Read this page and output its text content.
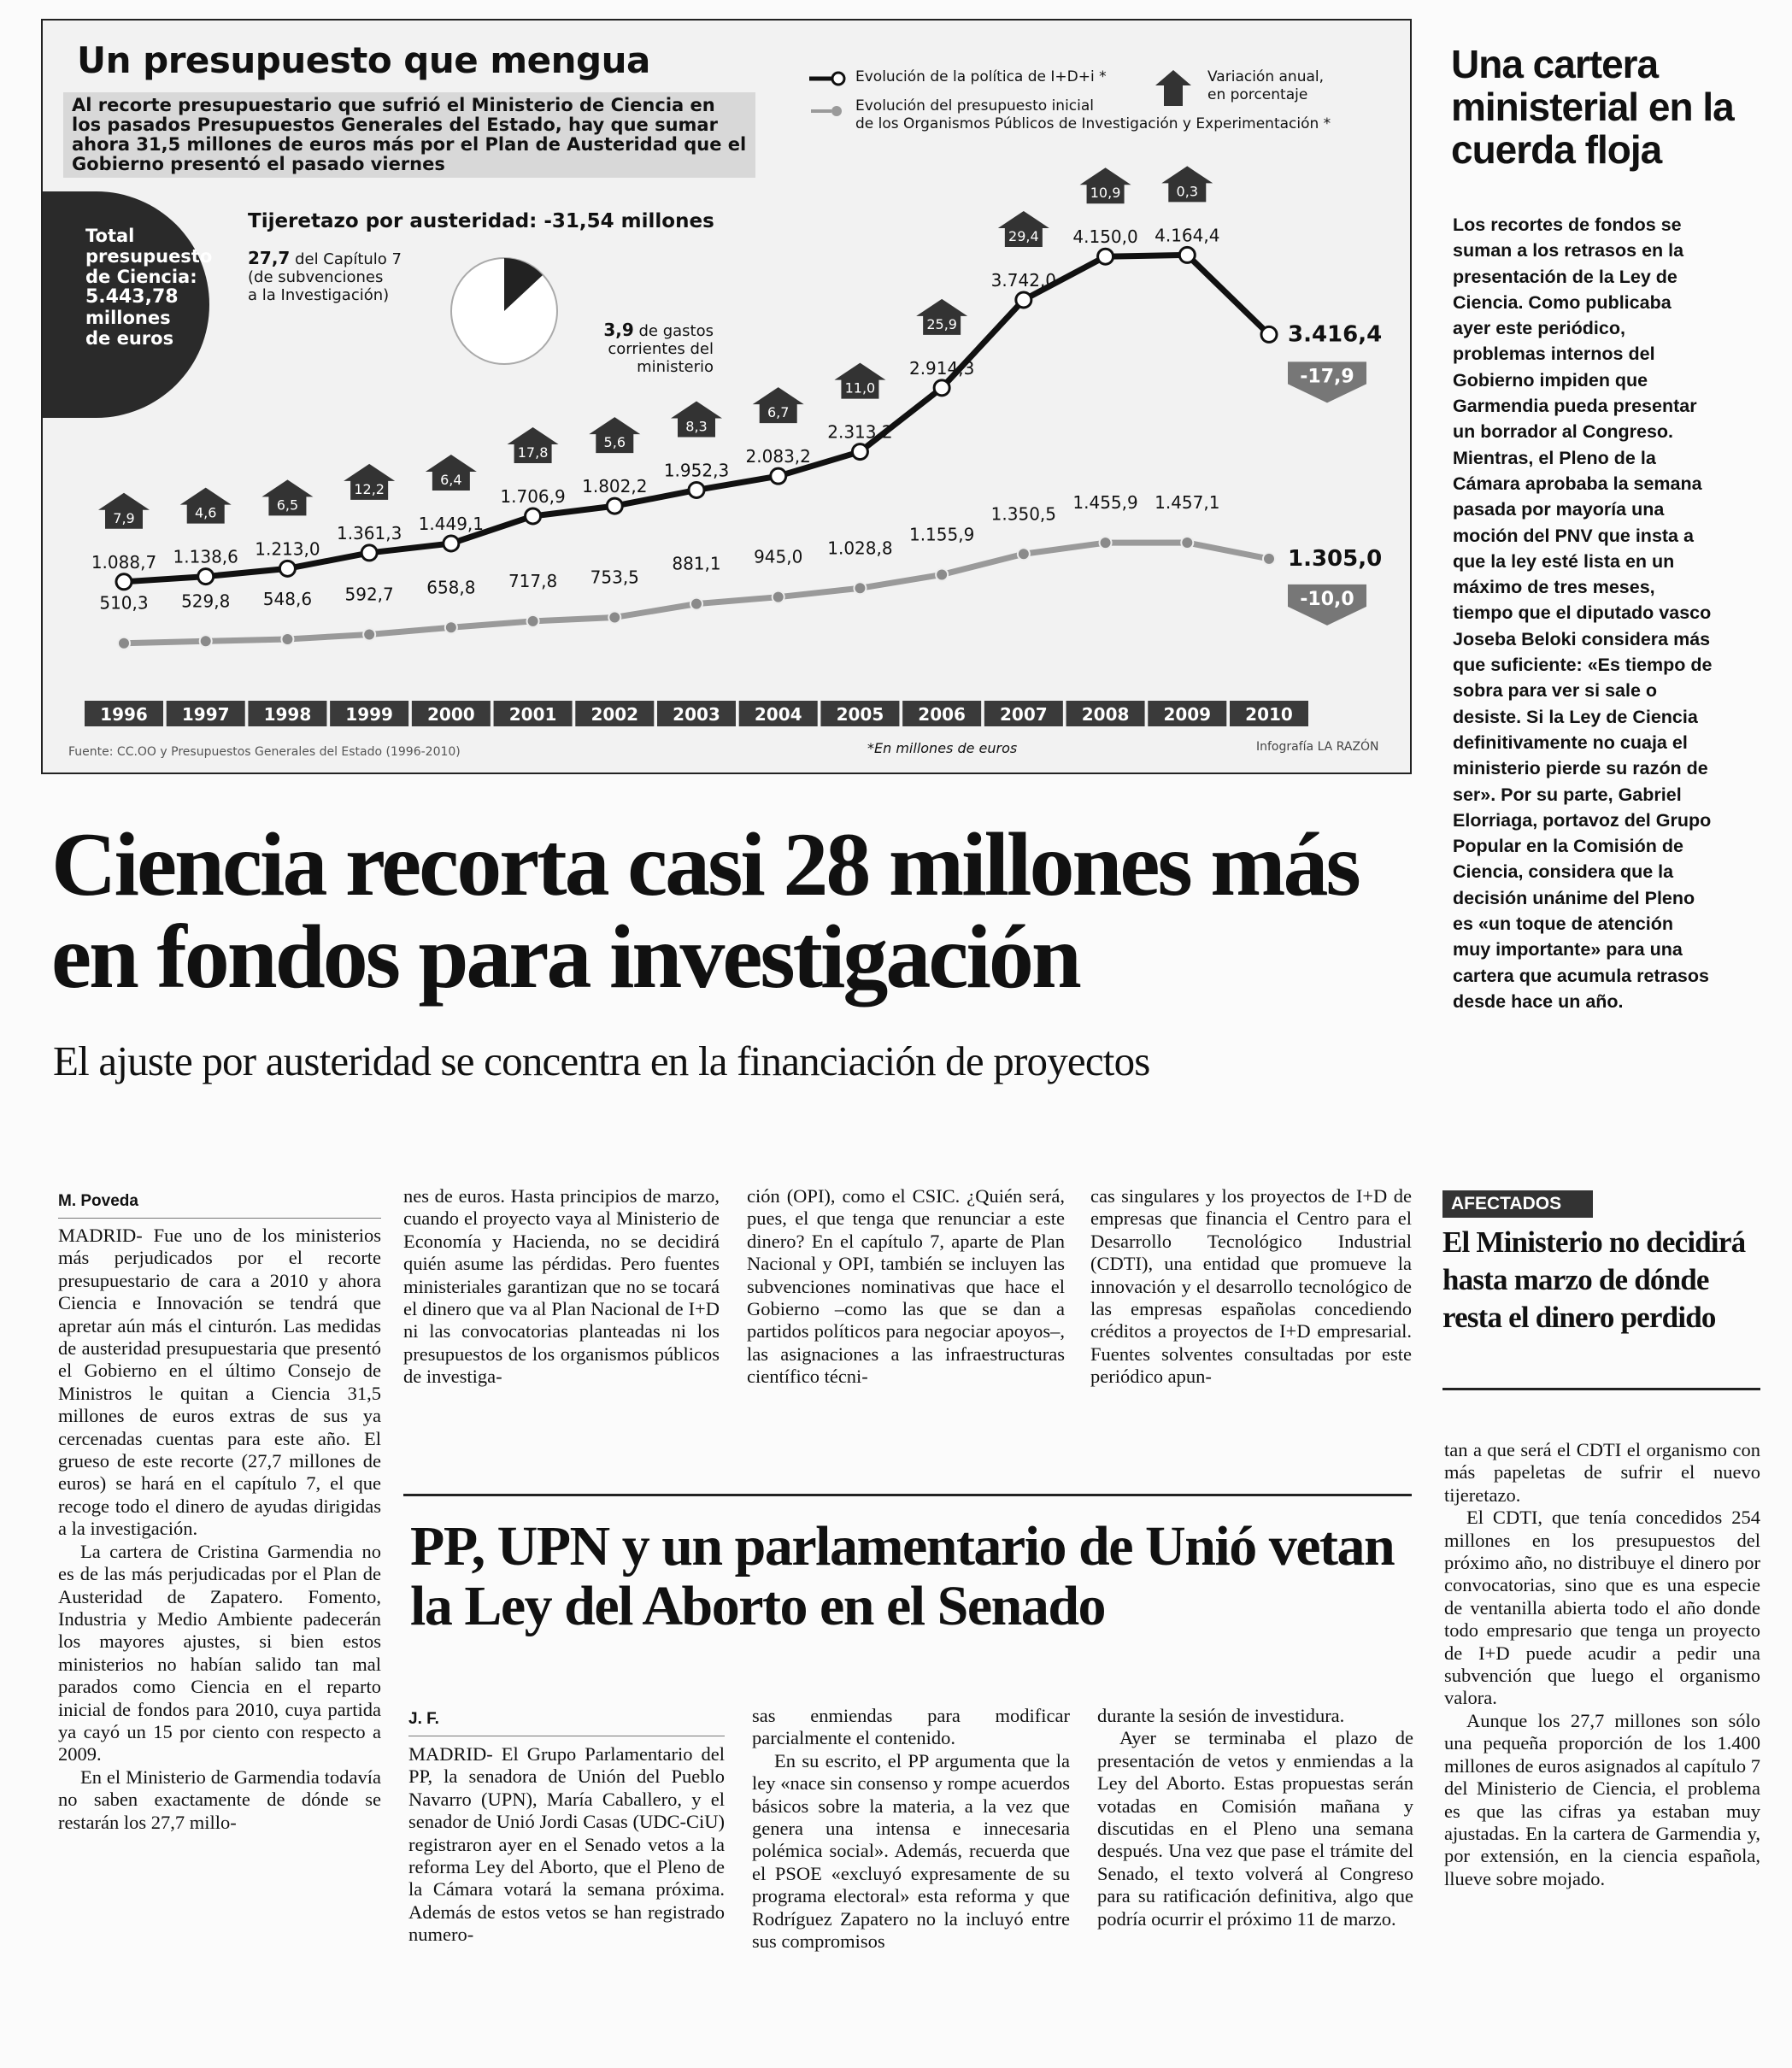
1996 1997 1998 1999 2000 2001 2002 2003 2004 2005 2006 2007 2008 2009 2010
510,3 529,8 548,6 592,7 658,8 717,8 753,5
881,1 945,0 1.028,8
1.155,9
1.350,5
1.455,9 1.457,1
1.305,0
1.088,7 1.138,6 1.213,0
1.361,3 1.449,1
1.706,9 1.802,2
1.952,3
2.083,2
2.313,2
2.914,3
3.742,0
4.150,0 4.164,4
3.416,4
7,9	4,6	6,5
12,2
6,4
17,8
5,6
8,3
6,7
11,0
25,9
29,4
10,9	0,3
-17,9
-10,0
Un presupuesto que mengua
Al recorte presupuestario que sufrió el Ministerio de Ciencia en los pasados Presupuestos Generales del Estado, hay que sumar ahora 31,5 millones de euros más por el Plan de Austeridad que el Gobierno presentó el pasado viernes
Evolución de la política de I+D+i *
Evolución del presupuesto inicial
de los Organismos Públicos de Investigación y Experimentación *
Variación anual,
en porcentaje
Total
presupuesto
de Ciencia:
5.443,78
millones
de euros
Tijeretazo por austeridad: -31,54 millones
27,7 del Capítulo 7
(de subvenciones
a la Investigación)
3,9 de gastos
corrientes del
ministerio
Fuente: CC.OO y Presupuestos Generales del Estado (1996-2010)	*En millones de euros	Infografía LA RAZÓN
Una cartera ministerial en la cuerda floja

Los recortes de fondos se suman a los retrasos en la presentación de la Ley de Ciencia. Como publicaba ayer este periódico, problemas internos del Gobierno impiden que Garmendia pueda presentar un borrador al Congreso. Mientras, el Pleno de la Cámara aprobaba la semana pasada por mayoría una moción del PNV que insta a que la ley esté lista en un máximo de tres meses, tiempo que el diputado vasco Joseba Beloki considera más que suficiente: «Es tiempo de sobra para ver si sale o desiste. Si la Ley de Ciencia definitivamente no cuaja el ministerio pierde su razón de ser». Por su parte, Gabriel Elorriaga, portavoz del Grupo Popular en la Comisión de Ciencia, considera que la decisión unánime del Pleno es «un toque de atención muy importante» para una cartera que acumula retrasos desde hace un año.

Ciencia recorta casi 28 millones más en fondos para investigación
El ajuste por austeridad se concentra en la financiación de proyectos
M. Poveda

MADRID- Fue uno de los ministerios más perjudicados por el recorte presupuestario de cara a 2010 y ahora Ciencia e Innovación se tendrá que apretar aún más el cinturón. Las medidas de austeridad presupuestaria que presentó el Gobierno en el último Consejo de Ministros le quitan a Ciencia 31,5 millones de euros extras de sus ya cercenadas cuentas para este año. El grueso de este recorte (27,7 millones de euros) se hará en el capítulo 7, el que recoge todo el dinero de ayudas dirigidas a la investigación.

La cartera de Cristina Garmendia no es de las más perjudicadas por el Plan de Austeridad de Zapatero. Fomento, Industria y Medio Ambiente padecerán los mayores ajustes, si bien estos ministerios no habían salido tan mal parados como Ciencia en el reparto inicial de fondos para 2010, cuya partida ya cayó un 15 por ciento con respecto a 2009.

En el Ministerio de Garmendia todavía no saben exactamente de dónde se restarán los 27,7 millo-

nes de euros. Hasta principios de marzo, cuando el proyecto vaya al Ministerio de Economía y Hacienda, no se decidirá quién asume las pérdidas. Pero fuentes ministeriales garantizan que no se tocará el dinero que va al Plan Nacional de I+D ni las convocatorias planteadas ni los presupuestos de los organismos públicos de investiga-

ción (OPI), como el CSIC. ¿Quién será, pues, el que tenga que renunciar a este dinero? En el capítulo 7, aparte de Plan Nacional y OPI, también se incluyen las subvenciones nominativas que hace el Gobierno –como las que se dan a partidos políticos para negociar apoyos–, las asignaciones a las infraestructuras científico técni-

cas singulares y los proyectos de I+D de empresas que financia el Centro para el Desarrollo Tecnológico Industrial (CDTI), una entidad que promueve la innovación y el desarrollo tecnológico de las empresas españolas concediendo créditos a proyectos de I+D empresarial. Fuentes solventes consultadas por este periódico apun-

AFECTADOS
El Ministerio no decidirá hasta marzo de dónde resta el dinero perdido

tan a que será el CDTI el organismo con más papeletas de sufrir el nuevo tijeretazo.

El CDTI, que tenía concedidos 254 millones en los presupuestos del próximo año, no distribuye el dinero por convocatorias, sino que es una especie de ventanilla abierta todo el año donde todo empresario que tenga un proyecto de I+D puede acudir a pedir una subvención que luego el organismo valora.

Aunque los 27,7 millones son sólo una pequeña proporción de los 1.400 millones de euros asignados al capítulo 7 del Ministerio de Ciencia, el problema es que las cifras ya estaban muy ajustadas. En la cartera de Garmendia y, por extensión, en la ciencia española, llueve sobre mojado.

PP, UPN y un parlamentario de Unió vetan la Ley del Aborto en el Senado
J. F.

MADRID- El Grupo Parlamentario del PP, la senadora de Unión del Pueblo Navarro (UPN), María Caballero, y el senador de Unió Jordi Casas (UDC-CiU) registraron ayer en el Senado vetos a la reforma Ley del Aborto, que el Pleno de la Cámara votará la semana próxima. Además de estos vetos se han registrado numero-

sas enmiendas para modificar parcialmente el contenido.

En su escrito, el PP argumenta que la ley «nace sin consenso y rompe acuerdos básicos sobre la materia, a la vez que genera una intensa e innecesaria polémica social». Además, recuerda que el PSOE «excluyó expresamente de su programa electoral» esta reforma y que Rodríguez Zapatero no la incluyó entre sus compromisos

durante la sesión de investidura.

Ayer se terminaba el plazo de presentación de vetos y enmiendas a la Ley del Aborto. Estas propuestas serán votadas en Comisión mañana y discutidas en el Pleno una semana después. Una vez que pase el trámite del Senado, el texto volverá al Congreso para su ratificación definitiva, algo que podría ocurrir el próximo 11 de marzo.
